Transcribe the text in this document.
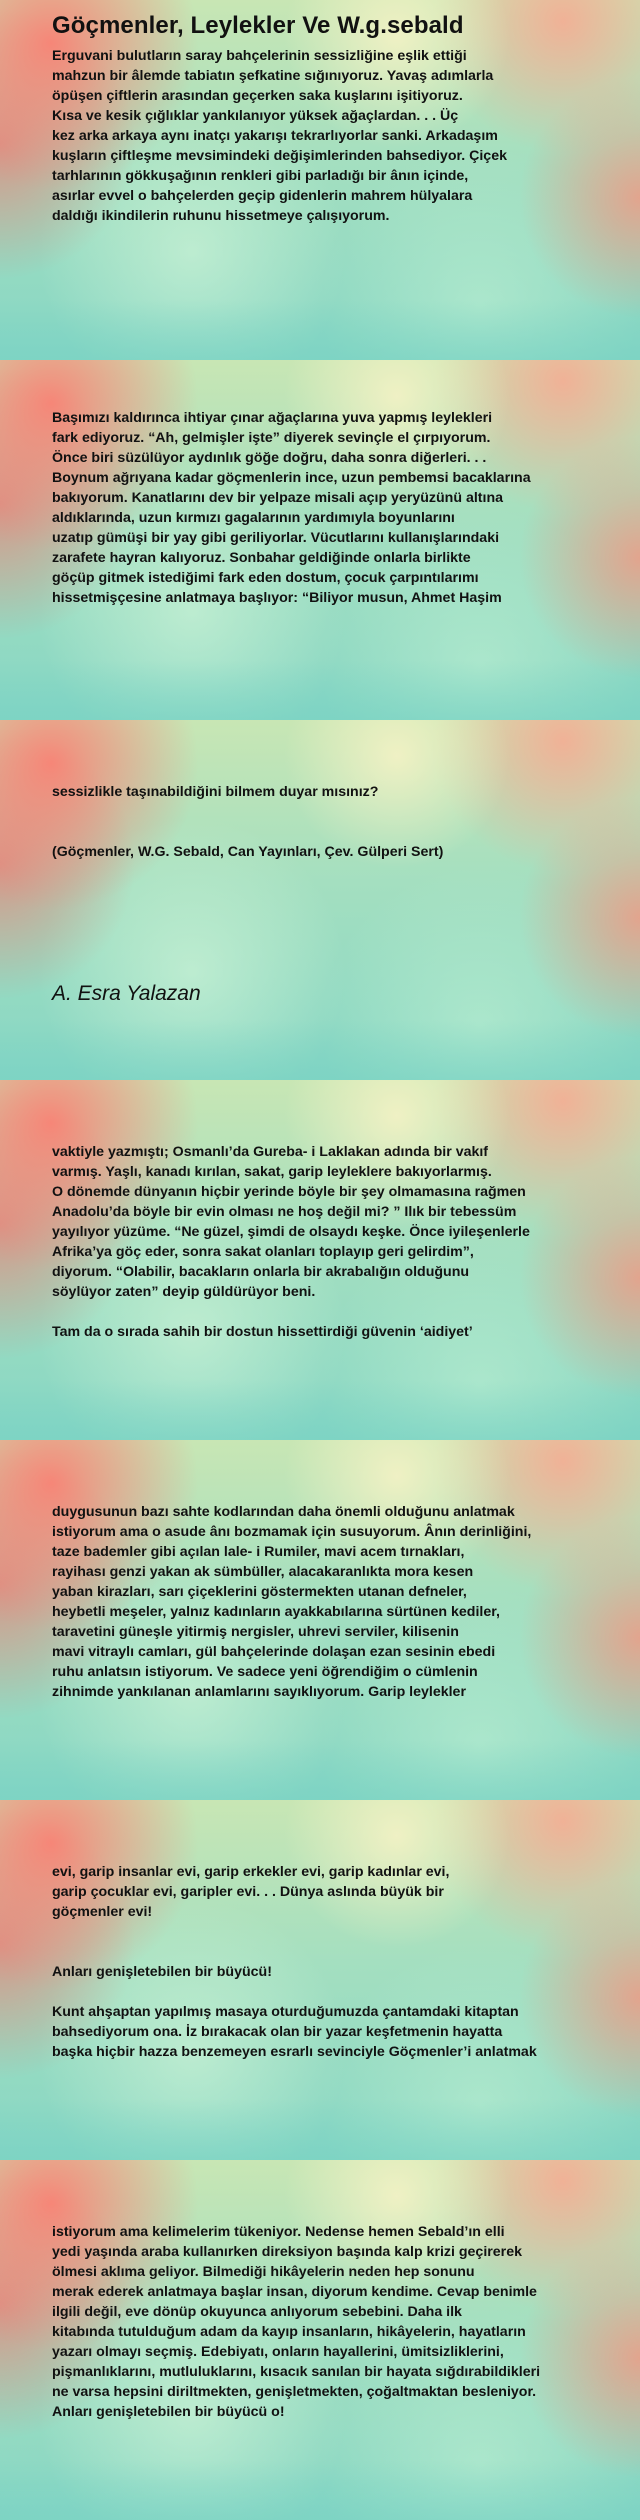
Göçmenler, Leylekler Ve W.g.sebald

Erguvani bulutların saray bahçelerinin sessizliğine eşlik ettiği
mahzun bir âlemde tabiatın şefkatine sığınıyoruz. Yavaş adımlarla
öpüşen çiftlerin arasından geçerken saka kuşlarını işitiyoruz.
Kısa ve kesik çığlıklar yankılanıyor yüksek ağaçlardan. . . Üç
kez arka arkaya aynı inatçı yakarışı tekrarlıyorlar sanki. Arkadaşım
kuşların çiftleşme mevsimindeki değişimlerinden bahsediyor. Çiçek
tarhlarının gökkuşağının renkleri gibi parladığı bir ânın içinde,
asırlar evvel o bahçelerden geçip gidenlerin mahrem hülyalara
daldığı ikindilerin ruhunu hissetmeye çalışıyorum.

Başımızı kaldırınca ihtiyar çınar ağaçlarına yuva yapmış leylekleri
fark ediyoruz. “Ah, gelmişler işte” diyerek sevinçle el çırpıyorum.
Önce biri süzülüyor aydınlık göğe doğru, daha sonra diğerleri. . .
Boynum ağrıyana kadar göçmenlerin ince, uzun pembemsi bacaklarına
bakıyorum. Kanatlarını dev bir yelpaze misali açıp yeryüzünü altına
aldıklarında, uzun kırmızı gagalarının yardımıyla boyunlarını
uzatıp gümüşi bir yay gibi geriliyorlar. Vücutlarını kullanışlarındaki
zarafete hayran kalıyoruz. Sonbahar geldiğinde onlarla birlikte
göçüp gitmek istediğimi fark eden dostum, çocuk çarpıntılarımı
hissetmişçesine anlatmaya başlıyor: “Biliyor musun, Ahmet Haşim

sessizlikle taşınabildiğini bilmem duyar mısınız?
(Göçmenler, W.G. Sebald, Can Yayınları, Çev. Gülperi Sert)

A. Esra Yalazan

vaktiyle yazmıştı; Osmanlı’da Gureba- i Laklakan adında bir vakıf
varmış. Yaşlı, kanadı kırılan, sakat, garip leyleklere bakıyorlarmış.
O dönemde dünyanın hiçbir yerinde böyle bir şey olmamasına rağmen
Anadolu’da böyle bir evin olması ne hoş değil mi? ” Ilık bir tebessüm
yayılıyor yüzüme. “Ne güzel, şimdi de olsaydı keşke. Önce iyileşenlerle
Afrika’ya göç eder, sonra sakat olanları toplayıp geri gelirdim”,
diyorum. “Olabilir, bacakların onlarla bir akrabalığın olduğunu
söylüyor zaten” deyip güldürüyor beni.
Tam da o sırada sahih bir dostun hissettirdiği güvenin ‘aidiyet’

duygusunun bazı sahte kodlarından daha önemli olduğunu anlatmak
istiyorum ama o asude ânı bozmamak için susuyorum. Ânın derinliğini,
taze bademler gibi açılan lale- i Rumiler, mavi acem tırnakları,
rayihası genzi yakan ak sümbüller, alacakaranlıkta mora kesen
yaban kirazları, sarı çiçeklerini göstermekten utanan defneler,
heybetli meşeler, yalnız kadınların ayakkabılarına sürtünen kediler,
taravetini güneşle yitirmiş nergisler, uhrevi serviler, kilisenin
mavi vitraylı camları, gül bahçelerinde dolaşan ezan sesinin ebedi
ruhu anlatsın istiyorum. Ve sadece yeni öğrendiğim o cümlenin
zihnimde yankılanan anlamlarını sayıklıyorum. Garip leylekler

evi, garip insanlar evi, garip erkekler evi, garip kadınlar evi,
garip çocuklar evi, garipler evi. . . Dünya aslında büyük bir
göçmenler evi!
Anları genişletebilen bir büyücü!
Kunt ahşaptan yapılmış masaya oturduğumuzda çantamdaki kitaptan
bahsediyorum ona. İz bırakacak olan bir yazar keşfetmenin hayatta
başka hiçbir hazza benzemeyen esrarlı sevinciyle Göçmenler’i anlatmak

istiyorum ama kelimelerim tükeniyor. Nedense hemen Sebald’ın elli
yedi yaşında araba kullanırken direksiyon başında kalp krizi geçirerek
ölmesi aklıma geliyor. Bilmediği hikâyelerin neden hep sonunu
merak ederek anlatmaya başlar insan, diyorum kendime. Cevap benimle
ilgili değil, eve dönüp okuyunca anlıyorum sebebini. Daha ilk
kitabında tutulduğum adam da kayıp insanların, hikâyelerin, hayatların
yazarı olmayı seçmiş. Edebiyatı, onların hayallerini, ümitsizliklerini,
pişmanlıklarını, mutluluklarını, kısacık sanılan bir hayata sığdırabildikleri
ne varsa hepsini diriltmekten, genişletmekten, çoğaltmaktan besleniyor.
Anları genişletebilen bir büyücü o!
